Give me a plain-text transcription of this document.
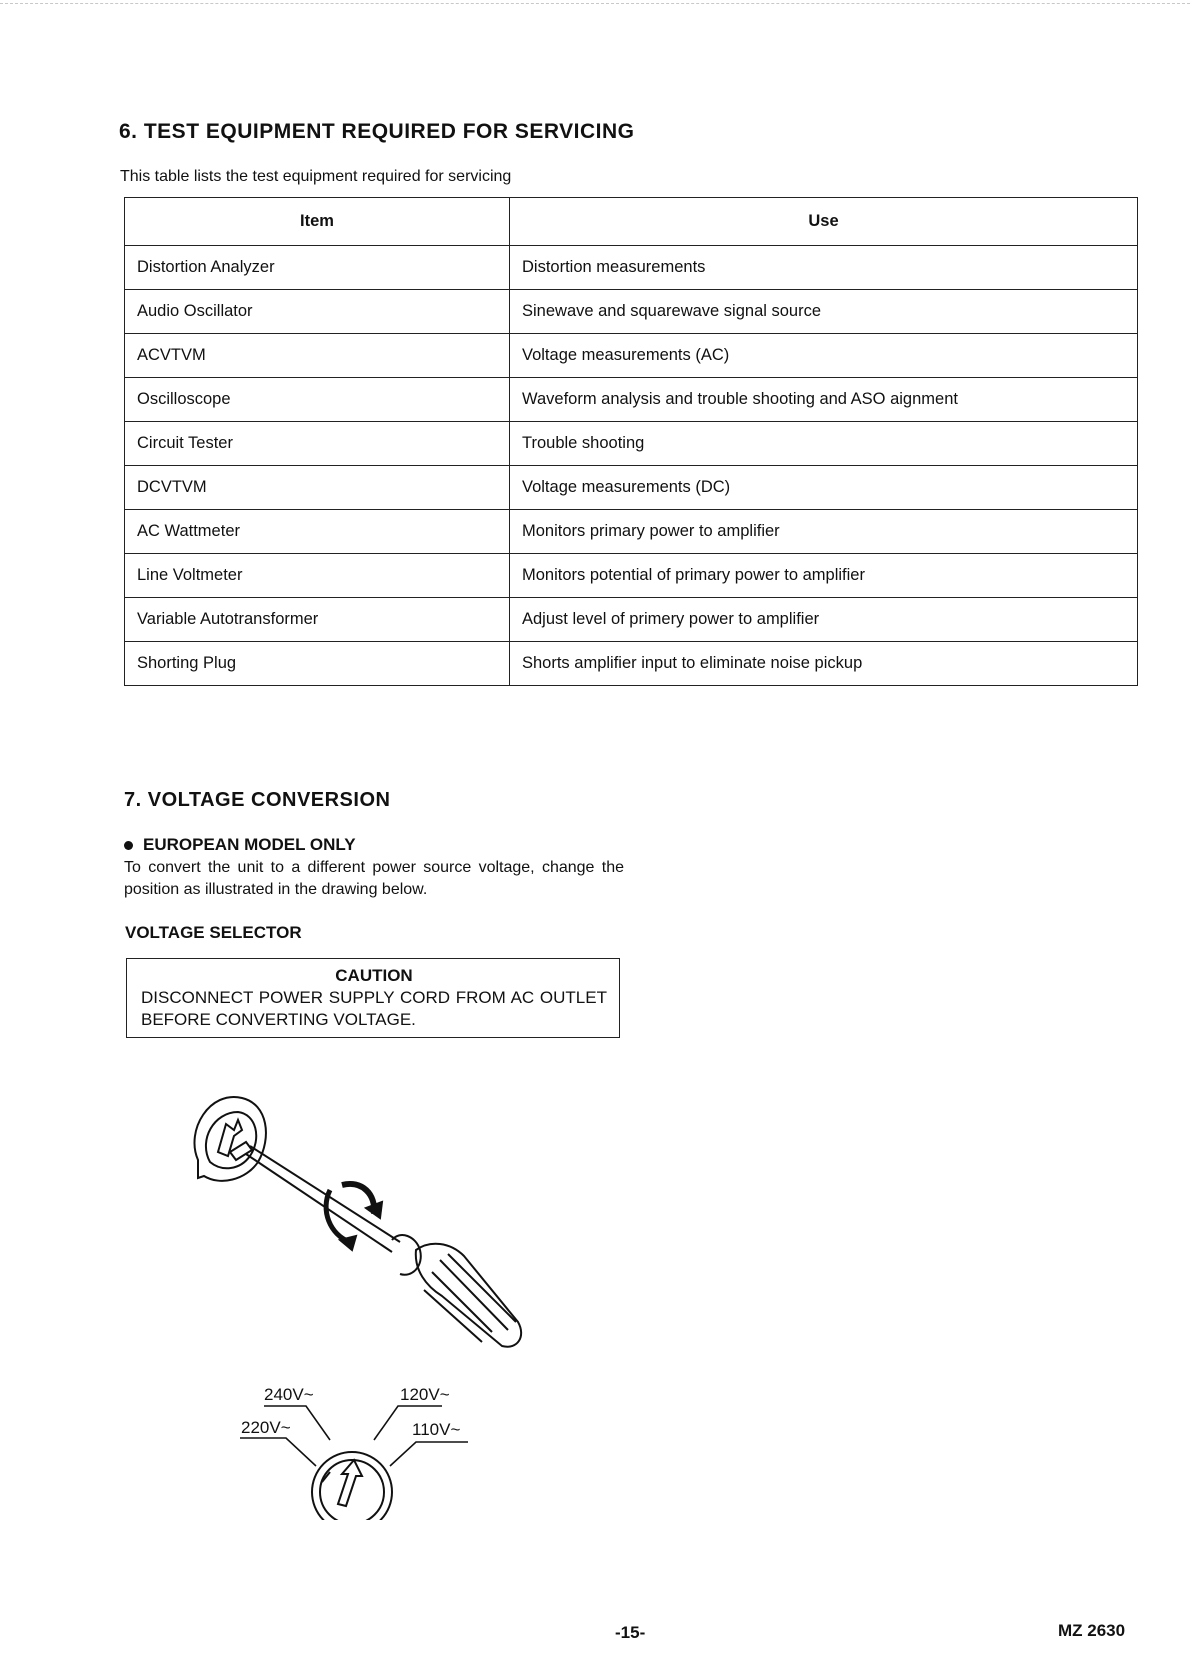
6. TEST EQUIPMENT REQUIRED FOR SERVICING
This table lists the test equipment required for servicing
Item	Use
Distortion Analyzer	Distortion measurements
Audio Oscillator	Sinewave and squarewave signal source
ACVTVM	Voltage measurements (AC)
Oscilloscope	Waveform analysis and trouble shooting and ASO aignment
Circuit Tester	Trouble shooting
DCVTVM	Voltage measurements (DC)
AC Wattmeter	Monitors primary power to amplifier
Line Voltmeter	Monitors potential of primary power to amplifier
Variable Autotransformer	Adjust level of primery power to amplifier
Shorting Plug	Shorts amplifier input to eliminate noise pickup
7. VOLTAGE CONVERSION
EUROPEAN MODEL ONLY
To convert the unit to a different power source voltage, change the position as illustrated in the drawing below.
VOLTAGE SELECTOR
CAUTION
DISCONNECT POWER SUPPLY CORD FROM AC OUTLET BEFORE CONVERTING VOLTAGE.
240V~	120V~
220V~	110V~
-15-	MZ 2630
